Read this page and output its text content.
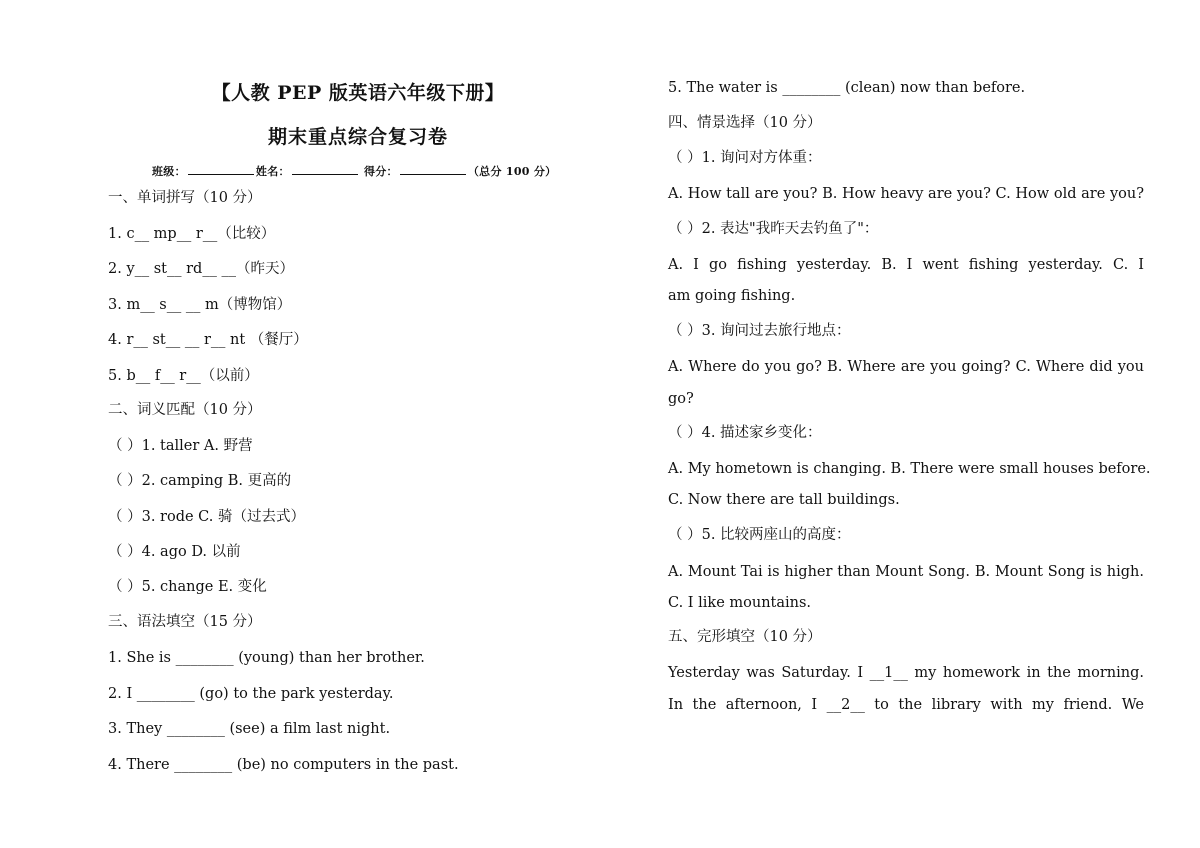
【人教 PEP 版英语六年级下册】
期末重点综合复习卷
班级：	姓名：	得分：	（总分 100 分）
一、单词拼写（10 分）
1. c__ mp__ r__（比较）
2. y__ st__ rd__ __（昨天）
3. m__ s__ __ m（博物馆）
4. r__ st__ __ r__ nt （餐厅）
5. b__ f__ r__（以前）
二、词义匹配（10 分）
（ ）1. taller A. 野营
（ ）2. camping B. 更高的
（ ）3. rode C. 骑（过去式）
（ ）4. ago D. 以前
（ ）5. change E. 变化
三、语法填空（15 分）
1. She is ________ (young) than her brother.
2. I ________ (go) to the park yesterday.
3. They ________ (see) a film last night.
4. There ________ (be) no computers in the past.
5. The water is ________ (clean) now than before.
四、情景选择（10 分）
（ ）1. 询问对方体重：
A. How tall are you? B. How heavy are you? C. How old are you?
（ ）2. 表达"我昨天去钓鱼了"：
A. I go fishing yesterday. B. I went fishing yesterday. C. I
am going fishing.
（ ）3. 询问过去旅行地点：
A. Where do you go? B. Where are you going? C. Where did you
go?
（ ）4. 描述家乡变化：
A. My hometown is changing. B. There were small houses before.
C. Now there are tall buildings.
（ ）5. 比较两座山的高度：
A. Mount Tai is higher than Mount Song. B. Mount Song is high.
C. I like mountains.
五、完形填空（10 分）
Yesterday was Saturday. I __1__ my homework in the morning.
In the afternoon, I __2__ to the library with my friend. We
